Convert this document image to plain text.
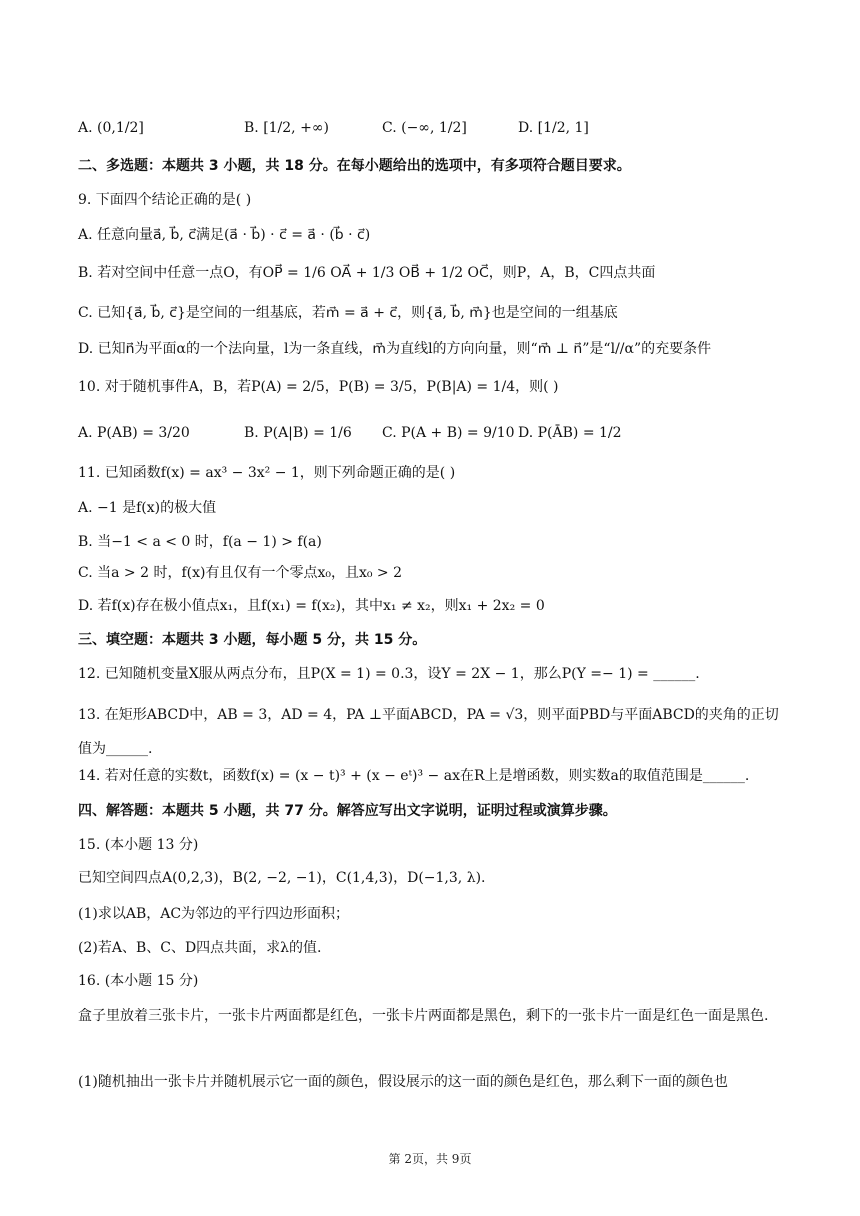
A. (0,1/2]	B. [1/2, +∞)	C. (−∞, 1/2]	D. [1/2, 1]
二、多选题：本题共 3 小题，共 18 分。在每小题给出的选项中，有多项符合题目要求。
9. 下面四个结论正确的是( )
A. 任意向量a⃗, b⃗, c⃗满足(a⃗ · b⃗) · c⃗ = a⃗ · (b⃗ · c⃗)
B. 若对空间中任意一点O，有OP⃗ = 1/6 OA⃗ + 1/3 OB⃗ + 1/2 OC⃗，则P，A，B，C四点共面
C. 已知{a⃗, b⃗, c⃗}是空间的一组基底，若m⃗ = a⃗ + c⃗，则{a⃗, b⃗, m⃗}也是空间的一组基底
D. 已知n⃗为平面α的一个法向量，l为一条直线，m⃗为直线l的方向向量，则“m⃗ ⊥ n⃗”是“l//α”的充要条件
10. 对于随机事件A，B，若P(A) = 2/5，P(B) = 3/5，P(B|A) = 1/4，则( )
A. P(AB) = 3/20	B. P(A|B) = 1/6 C. P(A + B) = 9/10 D. P(ĀB) = 1/2
11. 已知函数f(x) = ax³ − 3x² − 1，则下列命题正确的是( )
A. −1 是f(x)的极大值
B. 当−1 < a < 0 时，f(a − 1) > f(a)
C. 当a > 2 时，f(x)有且仅有一个零点x₀，且x₀ > 2
D. 若f(x)存在极小值点x₁，且f(x₁) = f(x₂)，其中x₁ ≠ x₂，则x₁ + 2x₂ = 0
三、填空题：本题共 3 小题，每小题 5 分，共 15 分。
12. 已知随机变量X服从两点分布，且P(X = 1) = 0.3，设Y = 2X − 1，那么P(Y =− 1) = ______.
13. 在矩形ABCD中，AB = 3，AD = 4，PA ⊥平面ABCD，PA = √3，则平面PBD与平面ABCD的夹角的正切值为______.
14. 若对任意的实数t，函数f(x) = (x − t)³ + (x − eᵗ)³ − ax在R上是增函数，则实数a的取值范围是______.
四、解答题：本题共 5 小题，共 77 分。解答应写出文字说明，证明过程或演算步骤。
15. (本小题 13 分)
已知空间四点A(0,2,3)，B(2, −2, −1)，C(1,4,3)，D(−1,3, λ).
(1)求以AB，AC为邻边的平行四边形面积；
(2)若A、B、C、D四点共面，求λ的值.
16. (本小题 15 分)
盒子里放着三张卡片，一张卡片两面都是红色，一张卡片两面都是黑色，剩下的一张卡片一面是红色一面是黑色.
(1)随机抽出一张卡片并随机展示它一面的颜色，假设展示的这一面的颜色是红色，那么剩下一面的颜色也
第 2页，共 9页
